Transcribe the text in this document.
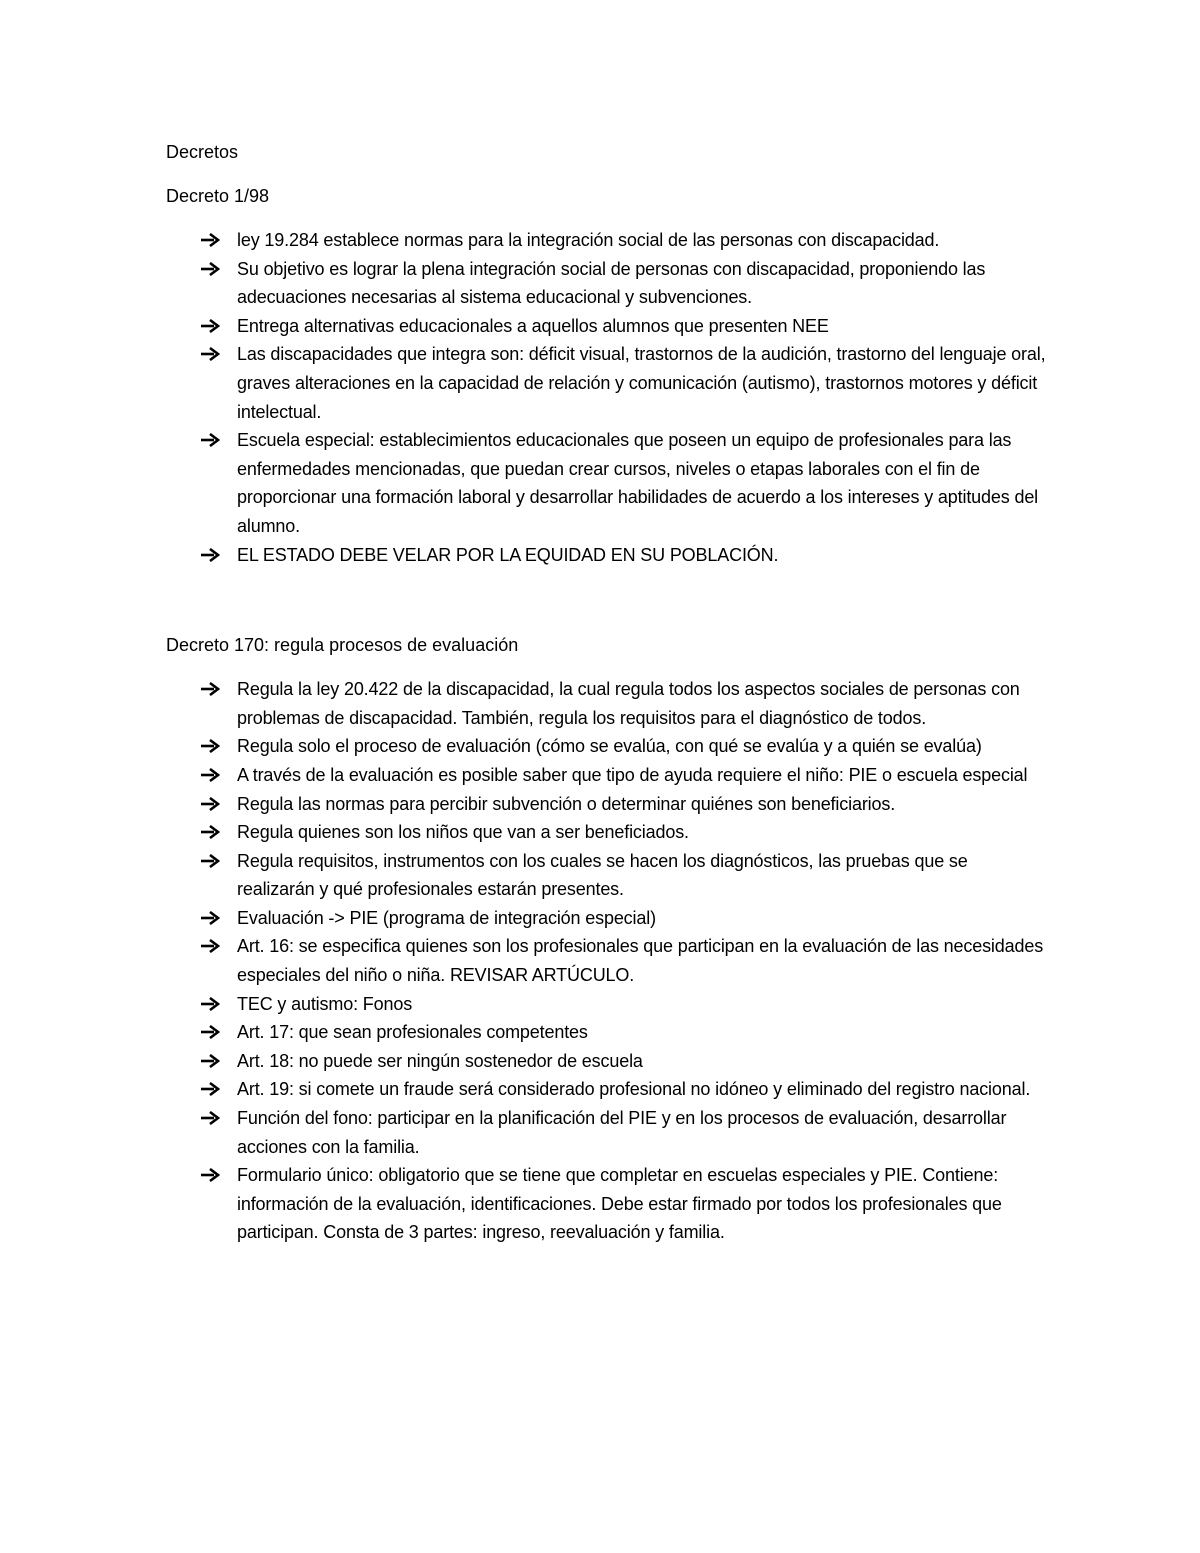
Decretos
Decreto 1/98
ley 19.284 establece normas para la integración social de las personas con discapacidad.
Su objetivo es lograr la plena integración social de personas con discapacidad, proponiendo las adecuaciones necesarias al sistema educacional y subvenciones.
Entrega alternativas educacionales a aquellos alumnos que presenten NEE
Las discapacidades que integra son: déficit visual, trastornos de la audición, trastorno del lenguaje oral, graves alteraciones en la capacidad de relación y comunicación (autismo), trastornos motores y déficit intelectual.
Escuela especial: establecimientos educacionales que poseen un equipo de profesionales para las enfermedades mencionadas, que puedan crear cursos, niveles o etapas laborales con el fin de proporcionar una formación laboral y desarrollar habilidades de acuerdo a los intereses y aptitudes del alumno.
EL ESTADO DEBE VELAR POR LA EQUIDAD EN SU POBLACIÓN.
Decreto 170: regula procesos de evaluación
Regula la ley 20.422 de la discapacidad, la cual regula todos los aspectos sociales de personas con problemas de discapacidad. También, regula los requisitos para el diagnóstico de todos.
Regula solo el proceso de evaluación (cómo se evalúa, con qué se evalúa y a quién se evalúa)
A través de la evaluación es posible saber que tipo de ayuda requiere el niño: PIE o escuela especial
Regula las normas para percibir subvención o determinar quiénes son beneficiarios.
Regula quienes son los niños que van a ser beneficiados.
Regula requisitos, instrumentos con los cuales se hacen los diagnósticos, las pruebas que se realizarán y qué profesionales estarán presentes.
Evaluación -> PIE (programa de integración especial)
Art. 16: se especifica quienes son los profesionales que participan en la evaluación de las necesidades especiales del niño o niña. REVISAR ARTÚCULO.
TEC y autismo: Fonos
Art. 17: que sean profesionales competentes
Art. 18: no puede ser ningún sostenedor de escuela
Art. 19: si comete un fraude será considerado profesional no idóneo y eliminado del registro nacional.
Función del fono: participar en la planificación del PIE y en los procesos de evaluación, desarrollar acciones con la familia.
Formulario único: obligatorio que se tiene que completar en escuelas especiales y PIE. Contiene: información de la evaluación, identificaciones. Debe estar firmado por todos los profesionales que participan. Consta de 3 partes: ingreso, reevaluación y familia.
